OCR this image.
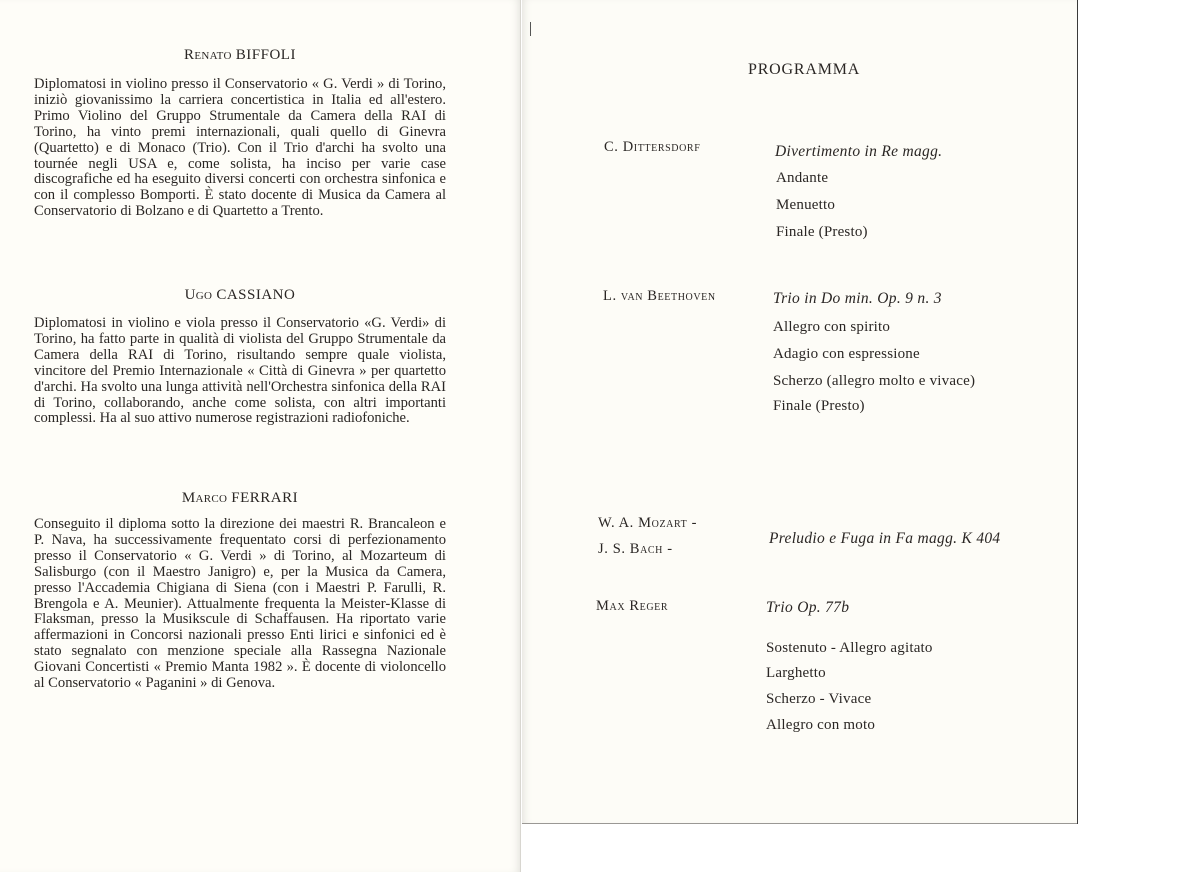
Renato BIFFOLI
Diplomatosi in violino presso il Conservatorio « G. Verdi » di Torino, iniziò giovanissimo la carriera concertistica in Italia ed all'estero. Primo Violino del Gruppo Strumentale da Camera della RAI di Torino, ha vinto premi internazionali, quali quello di Ginevra (Quartetto) e di Monaco (Trio). Con il Trio d'archi ha svolto una tournée negli USA e, come solista, ha inciso per varie case discografiche ed ha eseguito diversi concerti con orchestra sinfonica e con il complesso Bomporti. È stato docente di Musica da Camera al Conservatorio di Bolzano e di Quartetto a Trento.
Ugo CASSIANO
Diplomatosi in violino e viola presso il Conservatorio «G. Verdi» di Torino, ha fatto parte in qualità di violista del Gruppo Strumentale da Camera della RAI di Torino, risultando sempre quale violista, vincitore del Premio Internazionale « Città di Ginevra » per quartetto d'archi. Ha svolto una lunga attività nell'Orchestra sinfonica della RAI di Torino, collaborando, anche come solista, con altri importanti complessi. Ha al suo attivo numerose registrazioni radiofoniche.
Marco FERRARI
Conseguito il diploma sotto la direzione dei maestri R. Brancaleon e P. Nava, ha successivamente frequentato corsi di perfezionamento presso il Conservatorio « G. Verdi » di Torino, al Mozarteum di Salisburgo (con il Maestro Janigro) e, per la Musica da Camera, presso l'Accademia Chigiana di Siena (con i Maestri P. Farulli, R. Brengola e A. Meunier). Attualmente frequenta la Meister-Klasse di Flaksman, presso la Musikscule di Schaffausen. Ha riportato varie affermazioni in Concorsi nazionali presso Enti lirici e sinfonici ed è stato segnalato con menzione speciale alla Rassegna Nazionale Giovani Concertisti « Premio Manta 1982 ». È docente di violoncello al Conservatorio « Paganini » di Genova.
PROGRAMMA
C. Dittersdorf	Divertimento in Re magg.
Andante
Menuetto
Finale (Presto)
L. van Beethoven	Trio in Do min. Op. 9 n. 3
Allegro con spirito
Adagio con espressione
Scherzo (allegro molto e vivace)
Finale (Presto)
W. A. Mozart -
J. S. Bach -
Preludio e Fuga in Fa magg. K 404
Max Reger	Trio Op. 77b
Sostenuto - Allegro agitato
Larghetto
Scherzo - Vivace
Allegro con moto
